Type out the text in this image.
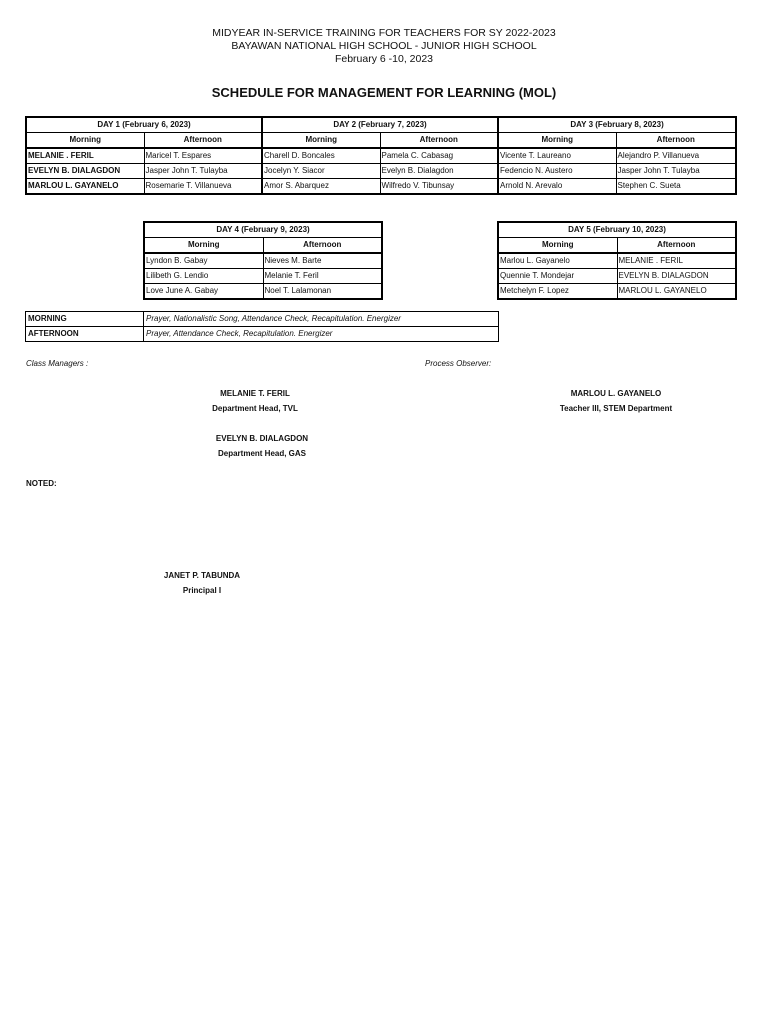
MIDYEAR IN-SERVICE TRAINING FOR TEACHERS FOR SY 2022-2023
BAYAWAN NATIONAL HIGH SCHOOL - JUNIOR HIGH SCHOOL
February 6 -10, 2023
SCHEDULE FOR MANAGEMENT FOR LEARNING (MOL)
DAY 1 (February 6, 2023)		DAY 2 (February 7, 2023)		DAY 3 (February 8, 2023)	
Morning	Afternoon	Morning	Afternoon	Morning	Afternoon
MELANIE . FERIL	Maricel T. Espares	Charell D. Boncales	Pamela C. Cabasag	Vicente T. Laureano	Alejandro P. Villanueva
EVELYN B. DIALAGDON	Jasper John T. Tulayba	Jocelyn Y. Siacor	Evelyn B. Dialagdon	Fedencio N. Austero	Jasper John T. Tulayba
MARLOU L. GAYANELO	Rosemarie T. Villanueva	Amor S. Abarquez	Wilfredo V. Tibunsay	Arnold N. Arevalo	Stephen C. Sueta
DAY 4 (February 9, 2023)	
Morning	Afternoon
Lyndon B. Gabay	Nieves M. Barte
Lilibeth G. Lendio	Melanie T. Feril
Love June A. Gabay	Noel T. Lalamonan
DAY 5 (February 10, 2023)	
Morning	Afternoon
Marlou L. Gayanelo	MELANIE . FERIL
Quennie T. Mondejar	EVELYN B. DIALAGDON
Metchelyn F. Lopez	MARLOU L. GAYANELO
MORNING	Prayer, Nationalistic Song, Attendance Check, Recapitulation. Energizer
AFTERNOON	Prayer, Attendance Check, Recapitulation. Energizer
Class Managers :	Process Observer:
MELANIE T. FERIL
Department Head, TVL
MARLOU L. GAYANELO
Teacher III, STEM Department
EVELYN B. DIALAGDON
Department Head, GAS
NOTED:
JANET P. TABUNDA
Principal I
